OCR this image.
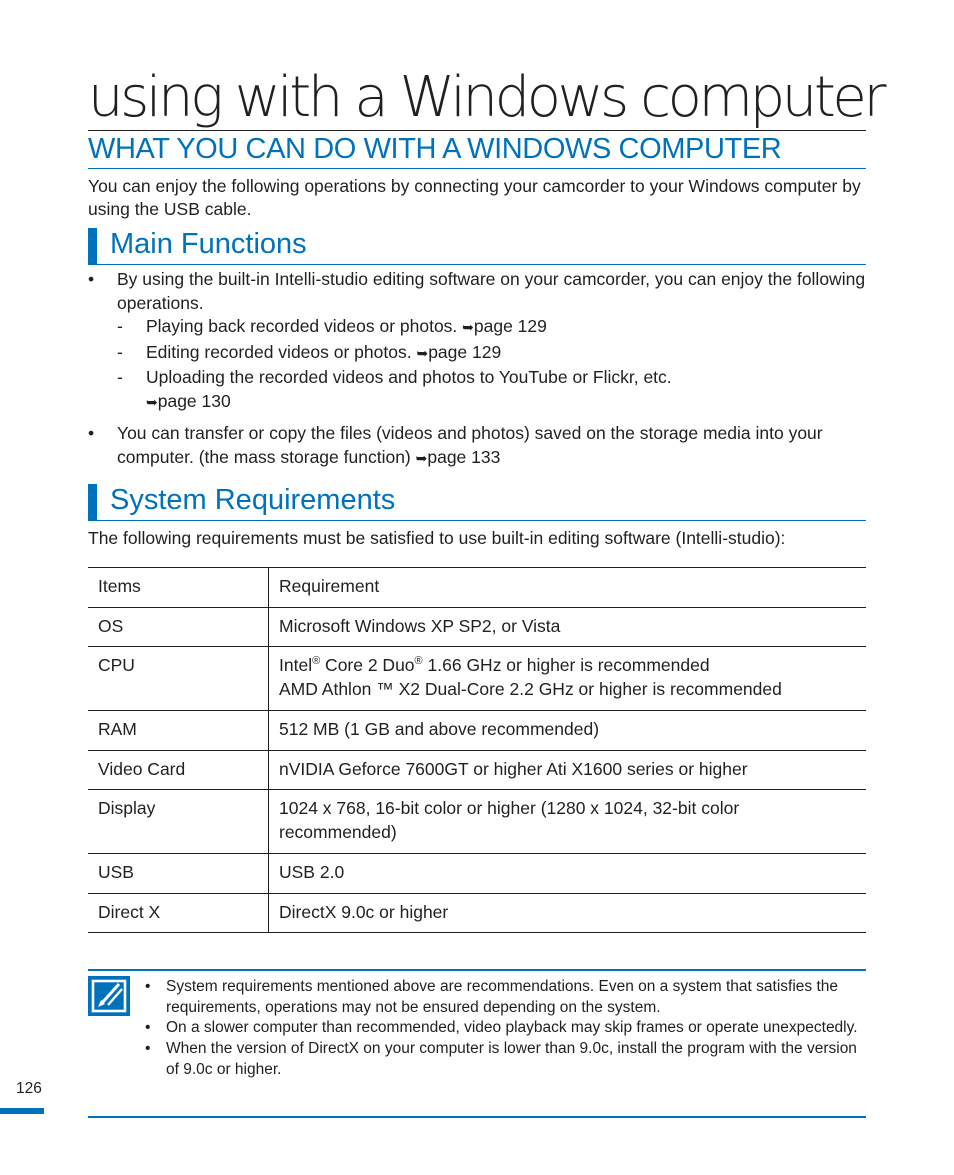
using with a Windows computer
WHAT YOU CAN DO WITH A WINDOWS COMPUTER
You can enjoy the following operations by connecting your camcorder to your Windows computer by using the USB cable.
Main Functions
• By using the built-in Intelli-studio editing software on your camcorder, you can enjoy the following operations.
- Playing back recorded videos or photos. ➥page 129
- Editing recorded videos or photos. ➥page 129
- Uploading the recorded videos and photos to YouTube or Flickr, etc.
➥page 130
• You can transfer or copy the files (videos and photos) saved on the storage media into your computer. (the mass storage function) ➥page 133
System Requirements
The following requirements must be satisfied to use built-in editing software (Intelli-studio):
Items	Requirement
OS	Microsoft Windows XP SP2, or Vista
CPU	Intel® Core 2 Duo® 1.66 GHz or higher is recommended
AMD Athlon ™ X2 Dual-Core 2.2 GHz or higher is recommended
RAM	512 MB (1 GB and above recommended)
Video Card	nVIDIA Geforce 7600GT or higher Ati X1600 series or higher
Display	1024 x 768, 16-bit color or higher (1280 x 1024, 32-bit color recommended)
USB	USB 2.0
Direct X	DirectX 9.0c or higher
• System requirements mentioned above are recommendations. Even on a system that satisfies the requirements, operations may not be ensured depending on the system.
• On a slower computer than recommended, video playback may skip frames or operate unexpectedly.
• When the version of DirectX on your computer is lower than 9.0c, install the program with the version of 9.0c or higher.
126
